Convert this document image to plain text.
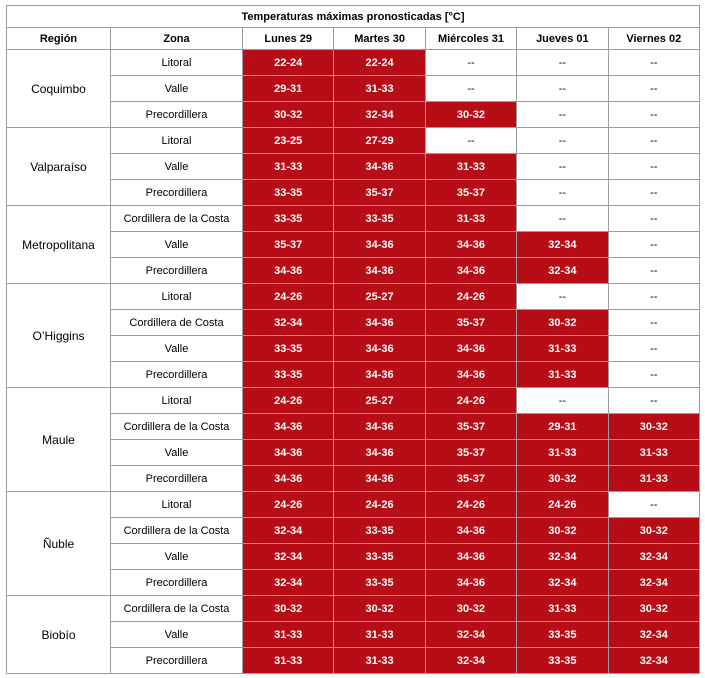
Temperaturas máximas pronosticadas [°C]						
Región	Zona	Lunes 29	Martes 30	Miércoles 31	Jueves 01	Viernes 02
Coquimbo	Litoral	22-24	22-24	--	--	--
	Valle	29-31	31-33	--	--	--
	Precordillera	30-32	32-34	30-32	--	--
Valparaíso	Litoral	23-25	27-29	--	--	--
	Valle	31-33	34-36	31-33	--	--
	Precordillera	33-35	35-37	35-37	--	--
Metropolitana	Cordillera de la Costa	33-35	33-35	31-33	--	--
	Valle	35-37	34-36	34-36	32-34	--
	Precordillera	34-36	34-36	34-36	32-34	--
O’Higgins	Litoral	24-26	25-27	24-26	--	--
	Cordillera de Costa	32-34	34-36	35-37	30-32	--
	Valle	33-35	34-36	34-36	31-33	--
	Precordillera	33-35	34-36	34-36	31-33	--
Maule	Litoral	24-26	25-27	24-26	--	--
	Cordillera de la Costa	34-36	34-36	35-37	29-31	30-32
	Valle	34-36	34-36	35-37	31-33	31-33
	Precordillera	34-36	34-36	35-37	30-32	31-33
Ñuble	Litoral	24-26	24-26	24-26	24-26	--
	Cordillera de la Costa	32-34	33-35	34-36	30-32	30-32
	Valle	32-34	33-35	34-36	32-34	32-34
	Precordillera	32-34	33-35	34-36	32-34	32-34
Biobío	Cordillera de la Costa	30-32	30-32	30-32	31-33	30-32
	Valle	31-33	31-33	32-34	33-35	32-34
	Precordillera	31-33	31-33	32-34	33-35	32-34
